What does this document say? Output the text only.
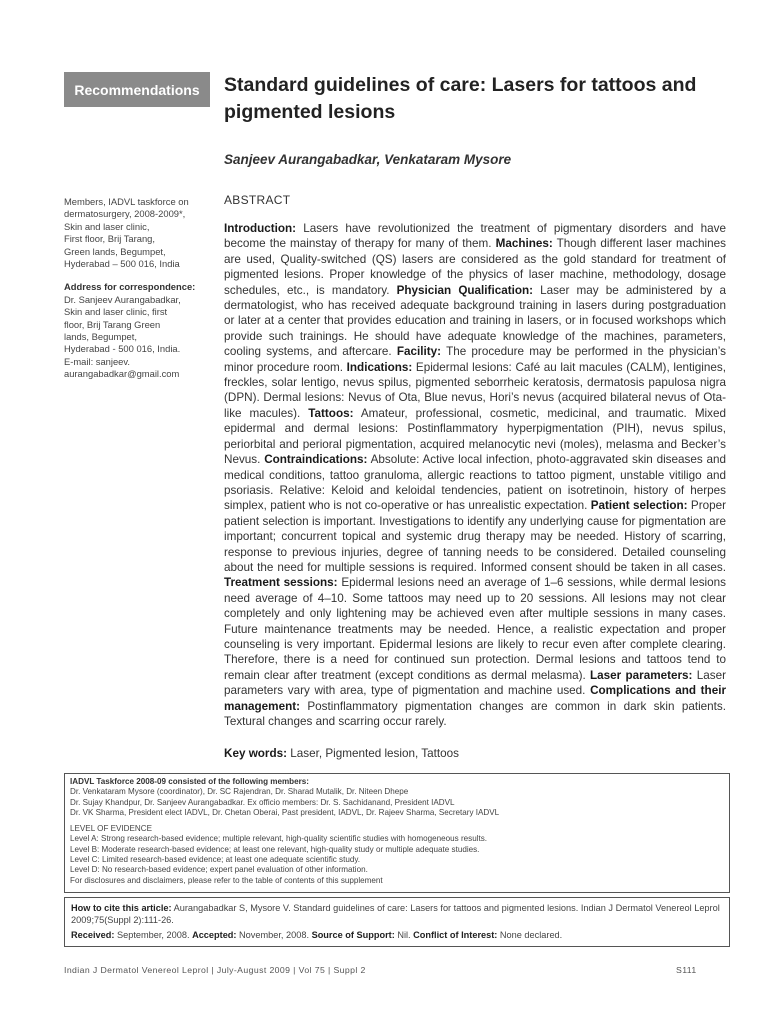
Recommendations	Standard guidelines of care: Lasers for tattoos and pigmented lesions
Sanjeev Aurangabadkar, Venkataram Mysore
Members, IADVL taskforce on
dermatosurgery, 2008-2009*,
Skin and laser clinic,
First floor, Brij Tarang,
Green lands, Begumpet,
Hyderabad – 500 016, India
Address for correspondence:
Dr. Sanjeev Aurangabadkar,
Skin and laser clinic, first
floor, Brij Tarang Green
lands, Begumpet,
Hyderabad - 500 016, India.
E-mail: sanjeev.
aurangabadkar@gmail.com
ABSTRACT

Introduction: Lasers have revolutionized the treatment of pigmentary disorders and have become the mainstay of therapy for many of them. Machines: Though different laser machines are used, Quality-switched (QS) lasers are considered as the gold standard for treatment of pigmented lesions. Proper knowledge of the physics of laser machine, methodology, dosage schedules, etc., is mandatory. Physician Qualification: Laser may be administered by a dermatologist, who has received adequate background training in lasers during postgraduation or later at a center that provides education and training in lasers, or in focused workshops which provide such trainings. He should have adequate knowledge of the machines, parameters, cooling systems, and aftercare. Facility: The procedure may be performed in the physician’s minor procedure room. Indications: Epidermal lesions: Café au lait macules (CALM), lentigines, freckles, solar lentigo, nevus spilus, pigmented seborrheic keratosis, dermatosis papulosa nigra (DPN). Dermal lesions: Nevus of Ota, Blue nevus, Hori’s nevus (acquired bilateral nevus of Ota-like macules). Tattoos: Amateur, professional, cosmetic, medicinal, and traumatic. Mixed epidermal and dermal lesions: Postinflammatory hyperpigmentation (PIH), nevus spilus, periorbital and perioral pigmentation, acquired melanocytic nevi (moles), melasma and Becker’s Nevus. Contraindications: Absolute: Active local infection, photo-aggravated skin diseases and medical conditions, tattoo granuloma, allergic reactions to tattoo pigment, unstable vitiligo and psoriasis. Relative: Keloid and keloidal tendencies, patient on isotretinoin, history of herpes simplex, patient who is not co-operative or has unrealistic expectation. Patient selection: Proper patient selection is important. Investigations to identify any underlying cause for pigmentation are important; concurrent topical and systemic drug therapy may be needed. History of scarring, response to previous injuries, degree of tanning needs to be considered. Detailed counseling about the need for multiple sessions is required. Informed consent should be taken in all cases. Treatment sessions: Epidermal lesions need an average of 1–6 sessions, while dermal lesions need average of 4–10. Some tattoos may need up to 20 sessions. All lesions may not clear completely and only lightening may be achieved even after multiple sessions in many cases. Future maintenance treatments may be needed. Hence, a realistic expectation and proper counseling is very important. Epidermal lesions are likely to recur even after complete clearing. Therefore, there is a need for continued sun protection. Dermal lesions and tattoos tend to remain clear after treatment (except conditions as dermal melasma). Laser parameters: Laser parameters vary with area, type of pigmentation and machine used. Complications and their management: Postinflammatory pigmentation changes are common in dark skin patients. Textural changes and scarring occur rarely.

Key words: Laser, Pigmented lesion, Tattoos
IADVL Taskforce 2008-09 consisted of the following members:
Dr. Venkataram Mysore (coordinator), Dr. SC Rajendran, Dr. Sharad Mutalik, Dr. Niteen Dhepe
Dr. Sujay Khandpur, Dr. Sanjeev Aurangabadkar. Ex officio members: Dr. S. Sachidanand, President IADVL
Dr. VK Sharma, President elect IADVL, Dr. Chetan Oberai, Past president, IADVL, Dr. Rajeev Sharma, Secretary IADVL
LEVEL OF EVIDENCE
Level A: Strong research-based evidence; multiple relevant, high-quality scientific studies with homogeneous results.
Level B: Moderate research-based evidence; at least one relevant, high-quality study or multiple adequate studies.
Level C: Limited research-based evidence; at least one adequate scientific study.
Level D: No research-based evidence; expert panel evaluation of other information.
For disclosures and disclaimers, please refer to the table of contents of this supplement
How to cite this article: Aurangabadkar S, Mysore V. Standard guidelines of care: Lasers for tattoos and pigmented lesions. Indian J Dermatol Venereol Leprol 2009;75(Suppl 2):111-26.
Received: September, 2008. Accepted: November, 2008. Source of Support: Nil. Conflict of Interest: None declared.
Indian J Dermatol Venereol Leprol | July-August 2009 | Vol 75 | Suppl 2	S111
